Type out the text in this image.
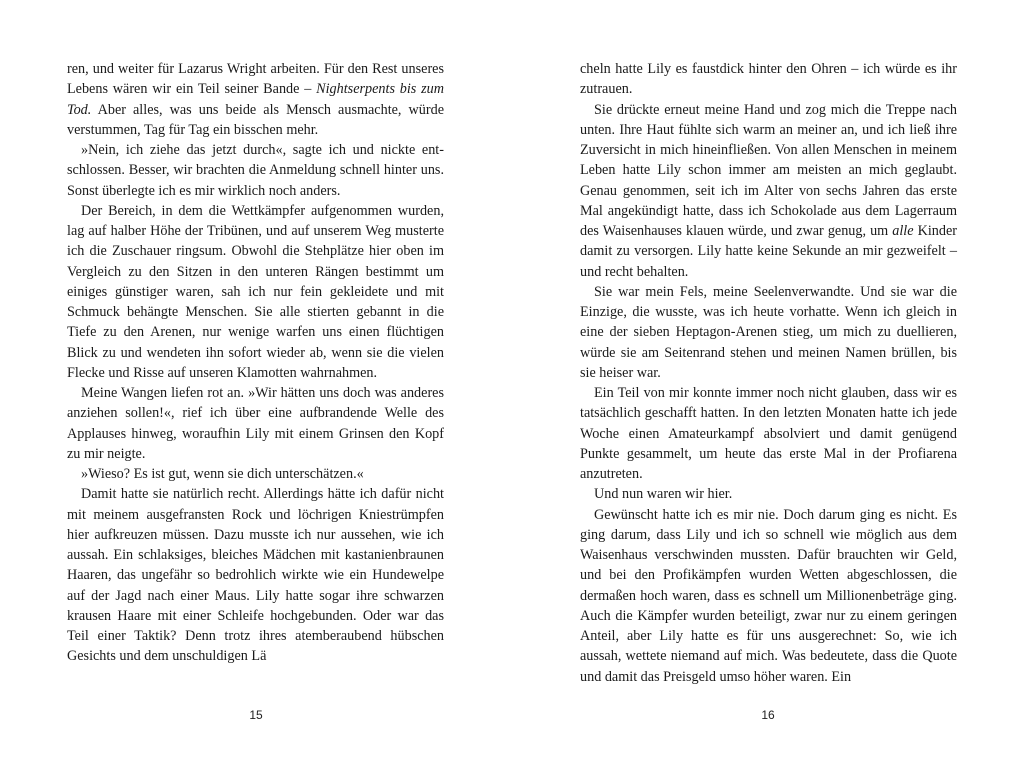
ren, und weiter für Lazarus Wright arbeiten. Für den Rest unseres Lebens wären wir ein Teil seiner Bande – Nightserpents bis zum Tod. Aber alles, was uns beide als Mensch ausmachte, würde verstummen, Tag für Tag ein bisschen mehr.

»Nein, ich ziehe das jetzt durch«, sagte ich und nickte entschlossen. Besser, wir brachten die Anmeldung schnell hinter uns. Sonst überlegte ich es mir wirklich noch anders.

Der Bereich, in dem die Wettkämpfer aufgenommen wurden, lag auf halber Höhe der Tribünen, und auf unserem Weg musterte ich die Zuschauer ringsum. Obwohl die Stehplätze hier oben im Vergleich zu den Sitzen in den unteren Rängen bestimmt um einiges günstiger waren, sah ich nur fein gekleidete und mit Schmuck behängte Menschen. Sie alle stierten gebannt in die Tiefe zu den Arenen, nur wenige warfen uns einen flüchtigen Blick zu und wendeten ihn sofort wieder ab, wenn sie die vielen Flecke und Risse auf unseren Klamotten wahrnahmen.

Meine Wangen liefen rot an. »Wir hätten uns doch was anderes anziehen sollen!«, rief ich über eine aufbrandende Welle des Applauses hinweg, woraufhin Lily mit einem Grinsen den Kopf zu mir neigte.

»Wieso? Es ist gut, wenn sie dich unterschätzen.«

Damit hatte sie natürlich recht. Allerdings hätte ich dafür nicht mit meinem ausgefransten Rock und löchrigen Kniestrümpfen hier aufkreuzen müssen. Dazu musste ich nur aussehen, wie ich aussah. Ein schlaksiges, bleiches Mädchen mit kastanienbraunen Haaren, das ungefähr so bedrohlich wirkte wie ein Hundewelpe auf der Jagd nach einer Maus. Lily hatte sogar ihre schwarzen krausen Haare mit einer Schleife hochgebunden. Oder war das Teil einer Taktik? Denn trotz ihres atemberaubend hübschen Gesichts und dem unschuldigen Lä

15

cheln hatte Lily es faustdick hinter den Ohren – ich würde es ihr zutrauen.

Sie drückte erneut meine Hand und zog mich die Treppe nach unten. Ihre Haut fühlte sich warm an meiner an, und ich ließ ihre Zuversicht in mich hineinfließen. Von allen Menschen in meinem Leben hatte Lily schon immer am meisten an mich geglaubt. Genau genommen, seit ich im Alter von sechs Jahren das erste Mal angekündigt hatte, dass ich Schokolade aus dem Lagerraum des Waisenhauses klauen würde, und zwar genug, um alle Kinder damit zu versorgen. Lily hatte keine Sekunde an mir gezweifelt – und recht behalten.

Sie war mein Fels, meine Seelenverwandte. Und sie war die Einzige, die wusste, was ich heute vorhatte. Wenn ich gleich in eine der sieben Heptagon-Arenen stieg, um mich zu duellieren, würde sie am Seitenrand stehen und meinen Namen brüllen, bis sie heiser war.

Ein Teil von mir konnte immer noch nicht glauben, dass wir es tatsächlich geschafft hatten. In den letzten Monaten hatte ich jede Woche einen Amateurkampf absolviert und damit genügend Punkte gesammelt, um heute das erste Mal in der Profiarena anzutreten.

Und nun waren wir hier.

Gewünscht hatte ich es mir nie. Doch darum ging es nicht. Es ging darum, dass Lily und ich so schnell wie möglich aus dem Waisenhaus verschwinden mussten. Dafür brauchten wir Geld, und bei den Profikämpfen wurden Wetten abgeschlossen, die dermaßen hoch waren, dass es schnell um Millionenbeträge ging. Auch die Kämpfer wurden beteiligt, zwar nur zu einem geringen Anteil, aber Lily hatte es für uns ausgerechnet: So, wie ich aussah, wettete niemand auf mich. Was bedeutete, dass die Quote und damit das Preisgeld umso höher waren. Ein

16
